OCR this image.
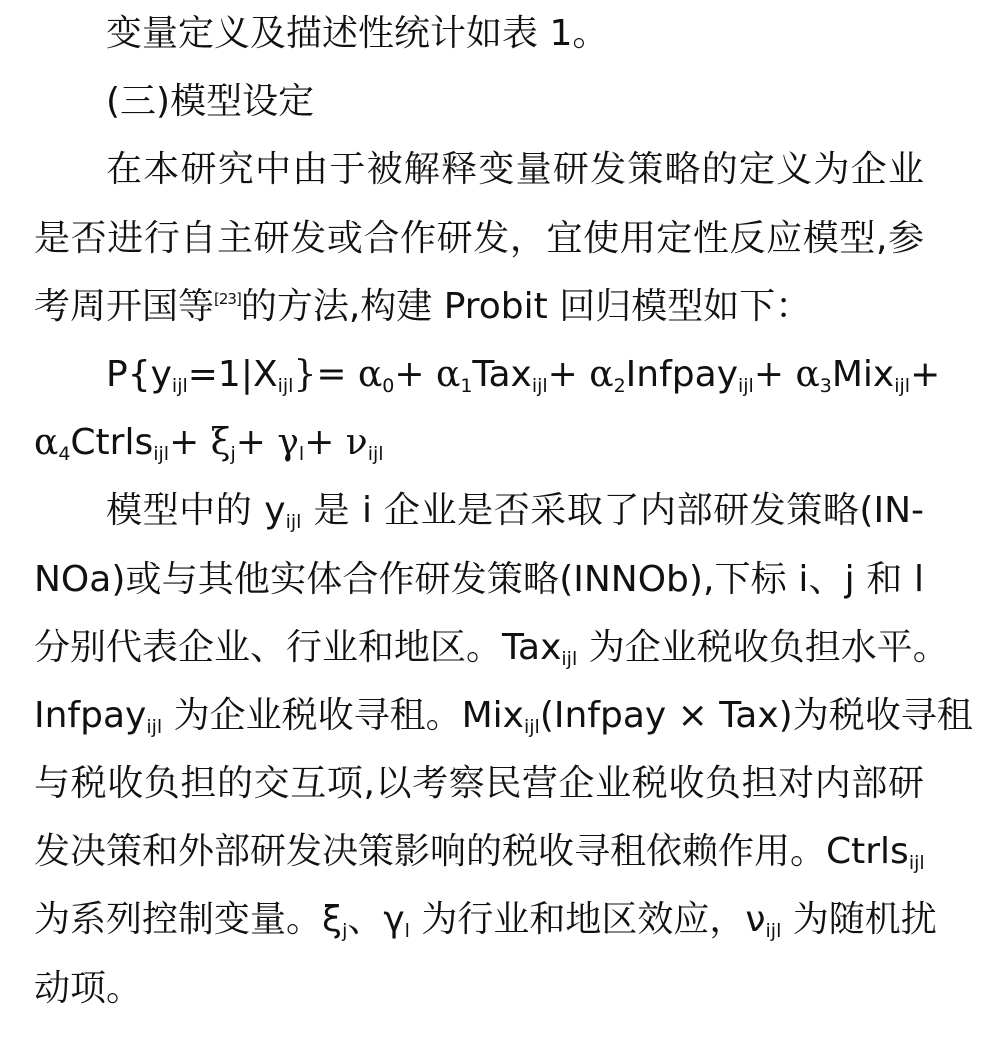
变量定义及描述性统计如表 1。
(三)模型设定
在本研究中由于被解释变量研发策略的定义为企业
是否进行自主研发或合作研发，宜使用定性反应模型,参
考周开国等[23]的方法,构建 Probit 回归模型如下：
$P\{y_{ijl}=1|X_{ijl}\}= \alpha_0+ \alpha_1Tax_{ijl}+$ $\alpha_2Infpay_{ijl}+ \alpha_3Mix_{ijl}+$
$\alpha_4Ctrls_{ijl}+ \xi_j+ \gamma_l+ \nu_{ijl}$
模型中的 $y_{ijl}$ 是 i 企业是否采取了内部研发策略(IN-
NOa)或与其他实体合作研发策略(INNOb),下标 i、j 和 l
分别代表企业、行业和地区。Tax$_{ijl}$ 为企业税收负担水平。
Infpay$_{ijl}$ 为企业税收寻租。Mix$_{ijl}$(Infpay × Tax)为税收寻租
与税收负担的交互项,以考察民营企业税收负担对内部研
发决策和外部研发决策影响的税收寻租依赖作用。Ctrls$_{ijl}$
为系列控制变量。$\xi_j$、$\gamma_l$ 为行业和地区效应，$\nu_{ijl}$ 为随机扰
动项。
